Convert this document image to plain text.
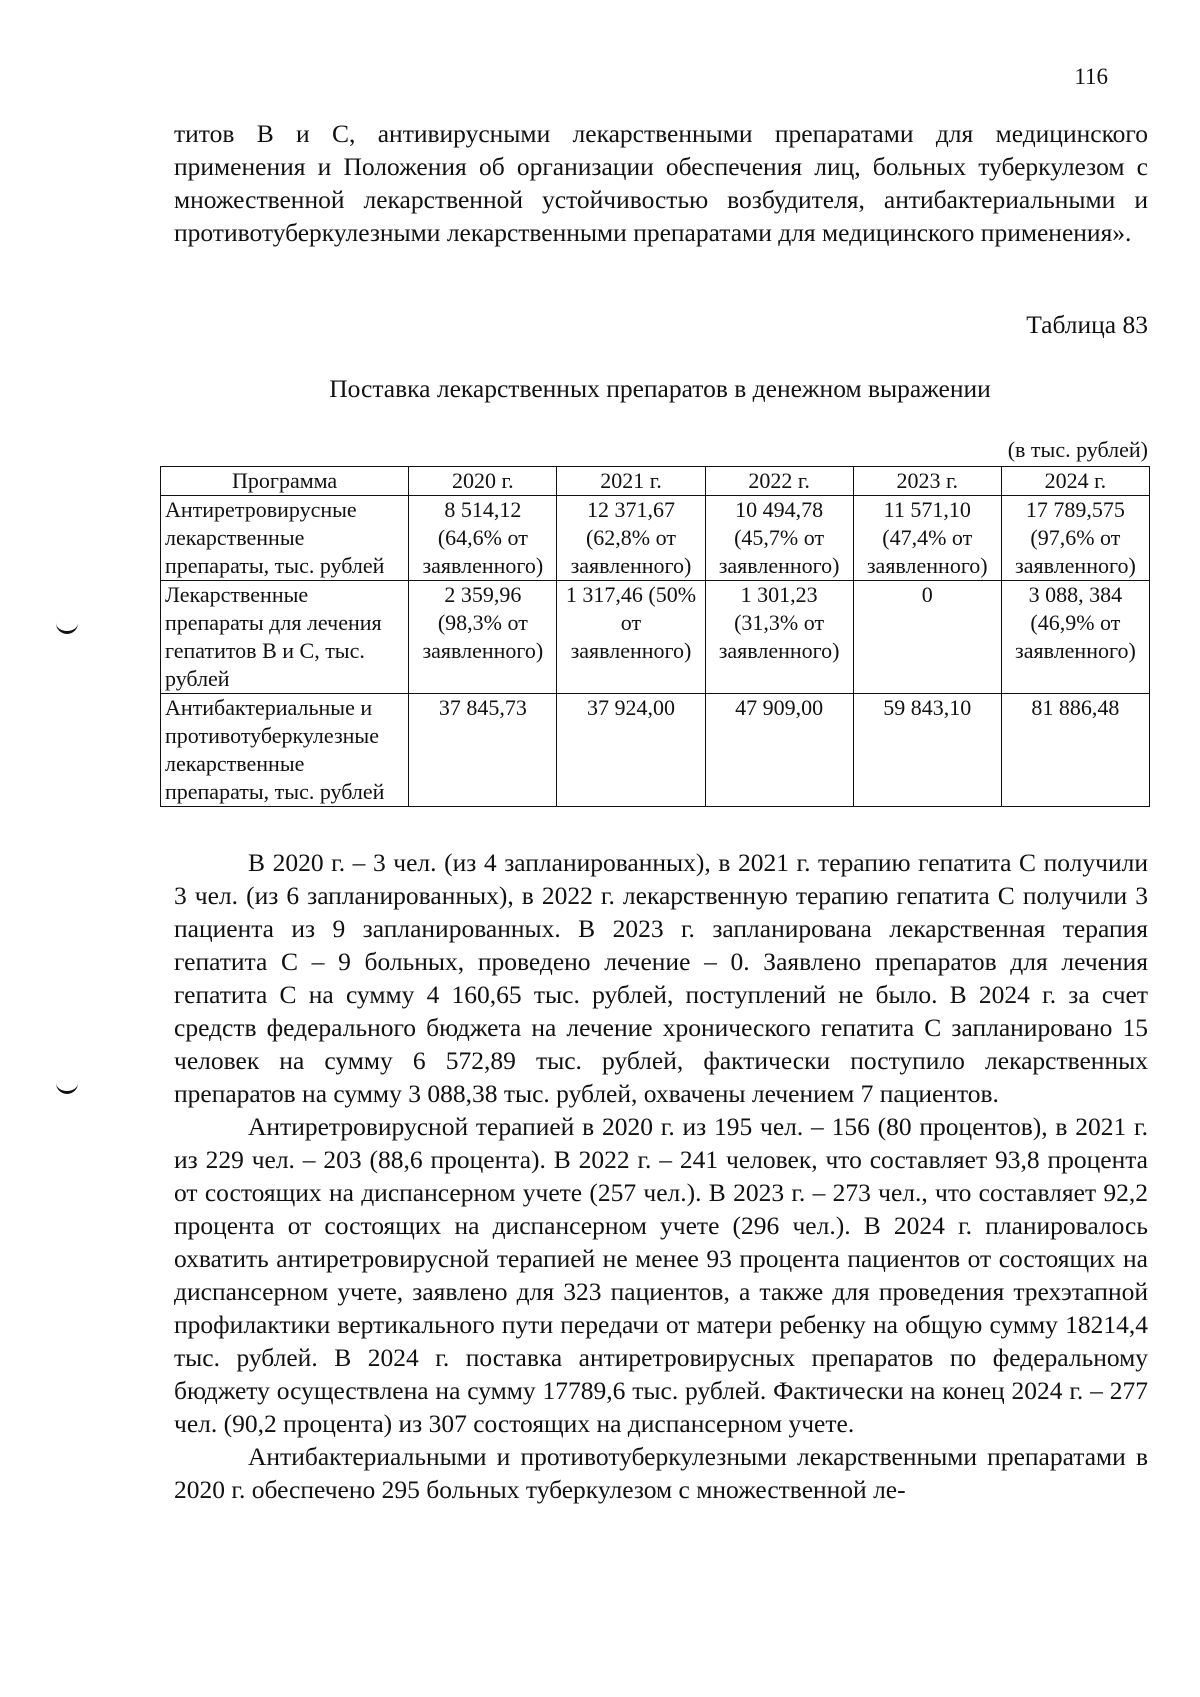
116

титов В и С, антивирусными лекарственными препаратами для медицинского применения и Положения об организации обеспечения лиц, больных туберкулезом с множественной лекарственной устойчивостью возбудителя, антибактериальными и противотуберкулезными лекарственными препаратами для медицинского применения».

Таблица 83
Поставка лекарственных препаратов в денежном выражении
(в тыс. рублей)
Программа	2020 г.	2021 г.	2022 г.	2023 г.	2024 г.
Антиретровирусные лекарственные препараты, тыс. рублей	8 514,12 (64,6% от заявленного)	12 371,67 (62,8% от заявленного)	10 494,78 (45,7% от заявленного)	11 571,10 (47,4% от заявленного)	17 789,575 (97,6% от заявленного)
Лекарственные препараты для лечения гепатитов В и С, тыс. рублей	2 359,96 (98,3% от заявленного)	1 317,46 (50% от заявленного)	1 301,23 (31,3% от заявленного)	0	3 088, 384 (46,9% от заявленного)
Антибактериальные и противотуберкулезные лекарственные препараты, тыс. рублей	37 845,73	37 924,00	47 909,00	59 843,10	81 886,48

В 2020 г. – 3 чел. (из 4 запланированных), в 2021 г. терапию гепатита С получили 3 чел. (из 6 запланированных), в 2022 г. лекарственную терапию гепатита С получили 3 пациента из 9 запланированных. В 2023 г. запланирована лекарственная терапия гепатита С – 9 больных, проведено лечение – 0. Заявлено препаратов для лечения гепатита С на сумму 4 160,65 тыс. рублей, поступлений не было. В 2024 г. за счет средств федерального бюджета на лечение хронического гепатита С запланировано 15 человек на сумму 6 572,89 тыс. рублей, фактически поступило лекарственных препаратов на сумму 3 088,38 тыс. рублей, охвачены лечением 7 пациентов.

Антиретровирусной терапией в 2020 г. из 195 чел. – 156 (80 процентов), в 2021 г. из 229 чел. – 203 (88,6 процента). В 2022 г. – 241 человек, что составляет 93,8 процента от состоящих на диспансерном учете (257 чел.). В 2023 г. – 273 чел., что составляет 92,2 процента от состоящих на диспансерном учете (296 чел.). В 2024 г. планировалось охватить антиретровирусной терапией не менее 93 процента пациентов от состоящих на диспансерном учете, заявлено для 323 пациентов, а также для проведения трехэтапной профилактики вертикального пути передачи от матери ребенку на общую сумму 18214,4 тыс. рублей. В 2024 г. поставка антиретровирусных препаратов по федеральному бюджету осуществлена на сумму 17789,6 тыс. рублей. Фактически на конец 2024 г. – 277 чел. (90,2 процента) из 307 состоящих на диспансерном учете.

Антибактериальными и противотуберкулезными лекарственными препаратами в 2020 г. обеспечено 295 больных туберкулезом с множественной ле-
